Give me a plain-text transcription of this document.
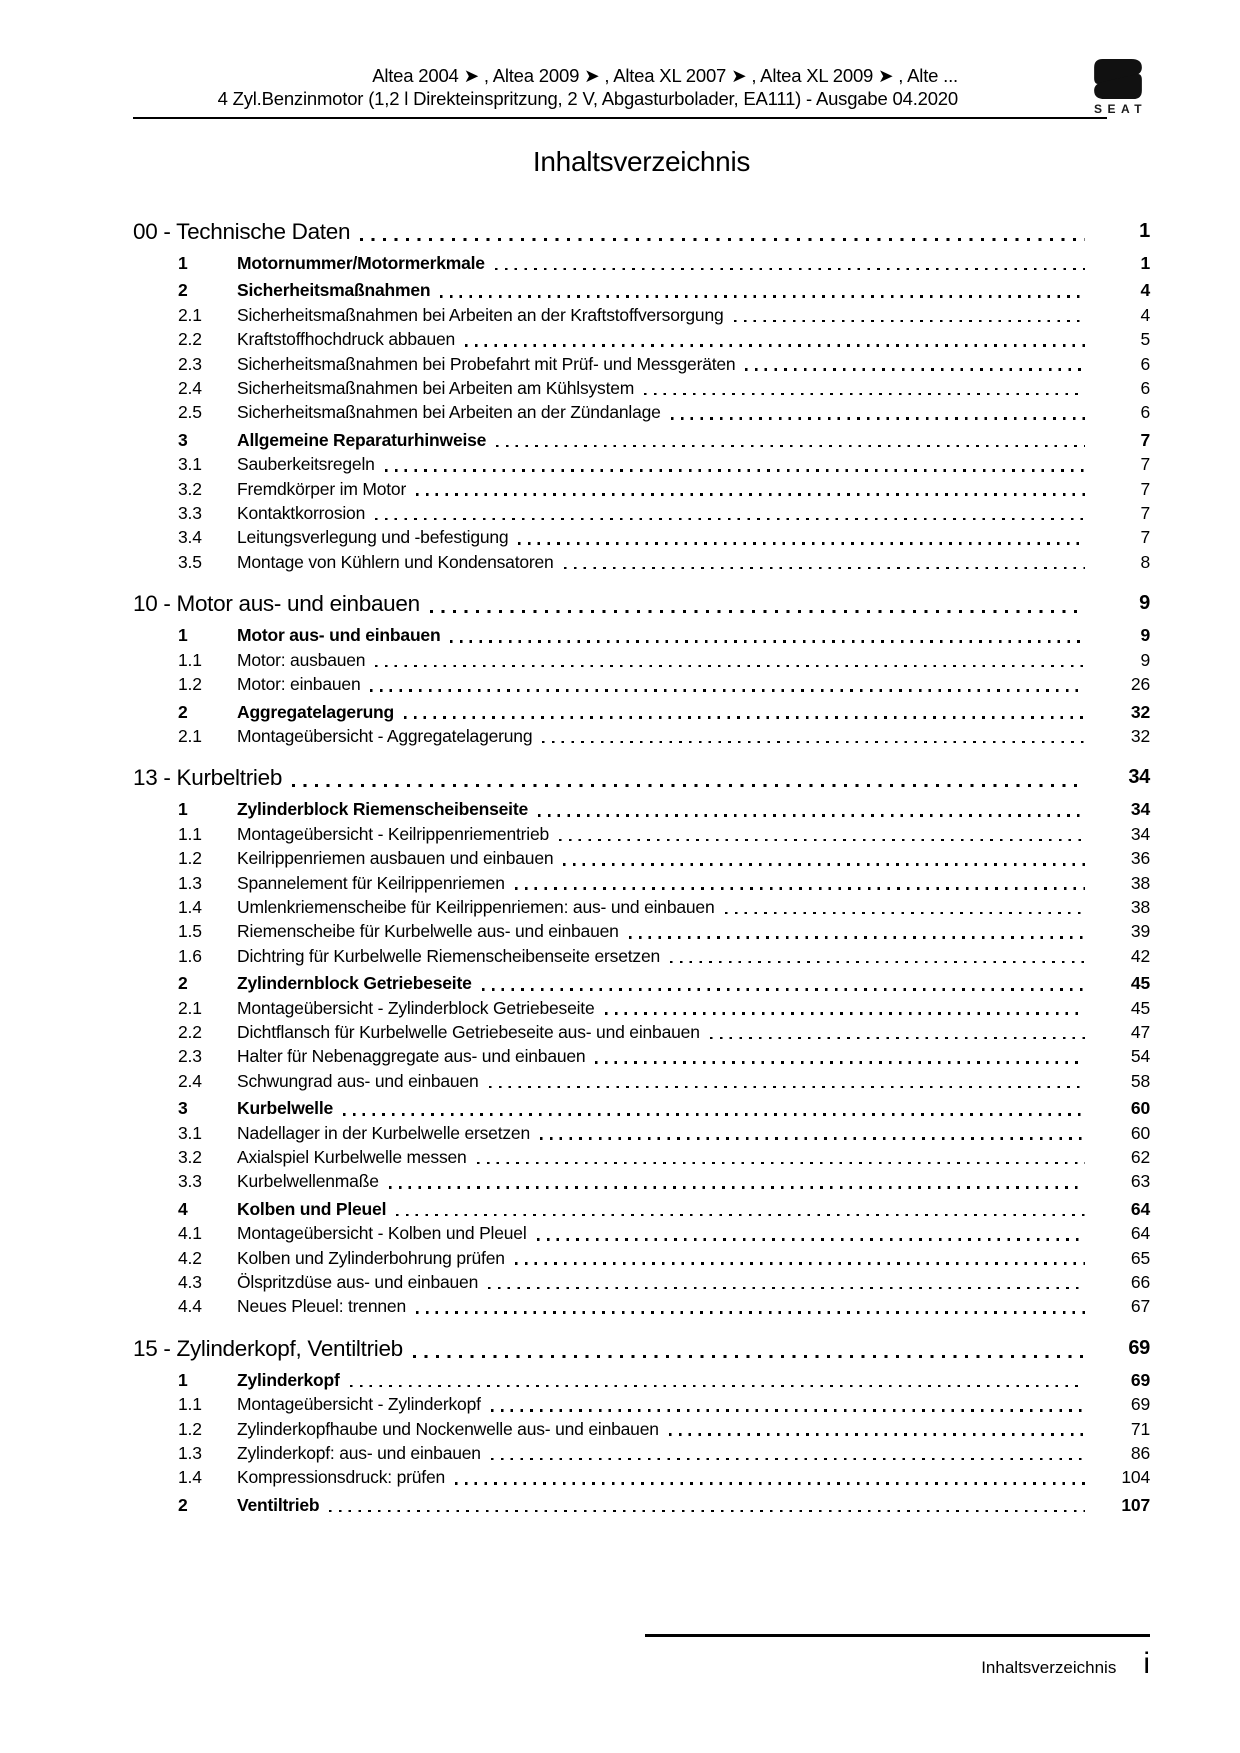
Altea 2004 ➤ , Altea 2009 ➤ , Altea XL 2007 ➤ , Altea XL 2009 ➤ , Alte ...
4 Zyl.Benzinmotor (1,2 l Direkteinspritzung, 2 V, Abgasturbolader, EA111) - Ausgabe 04.2020	SEAT
Inhaltsverzeichnis
00 - Technische Daten	1
1	Motornummer/Motormerkmale	1
2	Sicherheitsmaßnahmen	4
2.1	Sicherheitsmaßnahmen bei Arbeiten an der Kraftstoffversorgung	4
2.2	Kraftstoffhochdruck abbauen	5
2.3	Sicherheitsmaßnahmen bei Probefahrt mit Prüf- und Messgeräten	6
2.4	Sicherheitsmaßnahmen bei Arbeiten am Kühlsystem	6
2.5	Sicherheitsmaßnahmen bei Arbeiten an der Zündanlage	6
3	Allgemeine Reparaturhinweise	7
3.1	Sauberkeitsregeln	7
3.2	Fremdkörper im Motor	7
3.3	Kontaktkorrosion	7
3.4	Leitungsverlegung und -befestigung	7
3.5	Montage von Kühlern und Kondensatoren	8
10 - Motor aus- und einbauen	9
1	Motor aus- und einbauen	9
1.1	Motor: ausbauen	9
1.2	Motor: einbauen	26
2	Aggregatelagerung	32
2.1	Montageübersicht - Aggregatelagerung	32
13 - Kurbeltrieb	34
1	Zylinderblock Riemenscheibenseite	34
1.1	Montageübersicht - Keilrippenriementrieb	34
1.2	Keilrippenriemen ausbauen und einbauen	36
1.3	Spannelement für Keilrippenriemen	38
1.4	Umlenkriemenscheibe für Keilrippenriemen: aus- und einbauen	38
1.5	Riemenscheibe für Kurbelwelle aus- und einbauen	39
1.6	Dichtring für Kurbelwelle Riemenscheibenseite ersetzen	42
2	Zylindernblock Getriebeseite	45
2.1	Montageübersicht - Zylinderblock Getriebeseite	45
2.2	Dichtflansch für Kurbelwelle Getriebeseite aus- und einbauen	47
2.3	Halter für Nebenaggregate aus- und einbauen	54
2.4	Schwungrad aus- und einbauen	58
3	Kurbelwelle	60
3.1	Nadellager in der Kurbelwelle ersetzen	60
3.2	Axialspiel Kurbelwelle messen	62
3.3	Kurbelwellenmaße	63
4	Kolben und Pleuel	64
4.1	Montageübersicht - Kolben und Pleuel	64
4.2	Kolben und Zylinderbohrung prüfen	65
4.3	Ölspritzdüse aus- und einbauen	66
4.4	Neues Pleuel: trennen	67
15 - Zylinderkopf, Ventiltrieb	69
1	Zylinderkopf	69
1.1	Montageübersicht - Zylinderkopf	69
1.2	Zylinderkopfhaube und Nockenwelle aus- und einbauen	71
1.3	Zylinderkopf: aus- und einbauen	86
1.4	Kompressionsdruck: prüfen	104
2	Ventiltrieb	107
Inhaltsverzeichnis i
